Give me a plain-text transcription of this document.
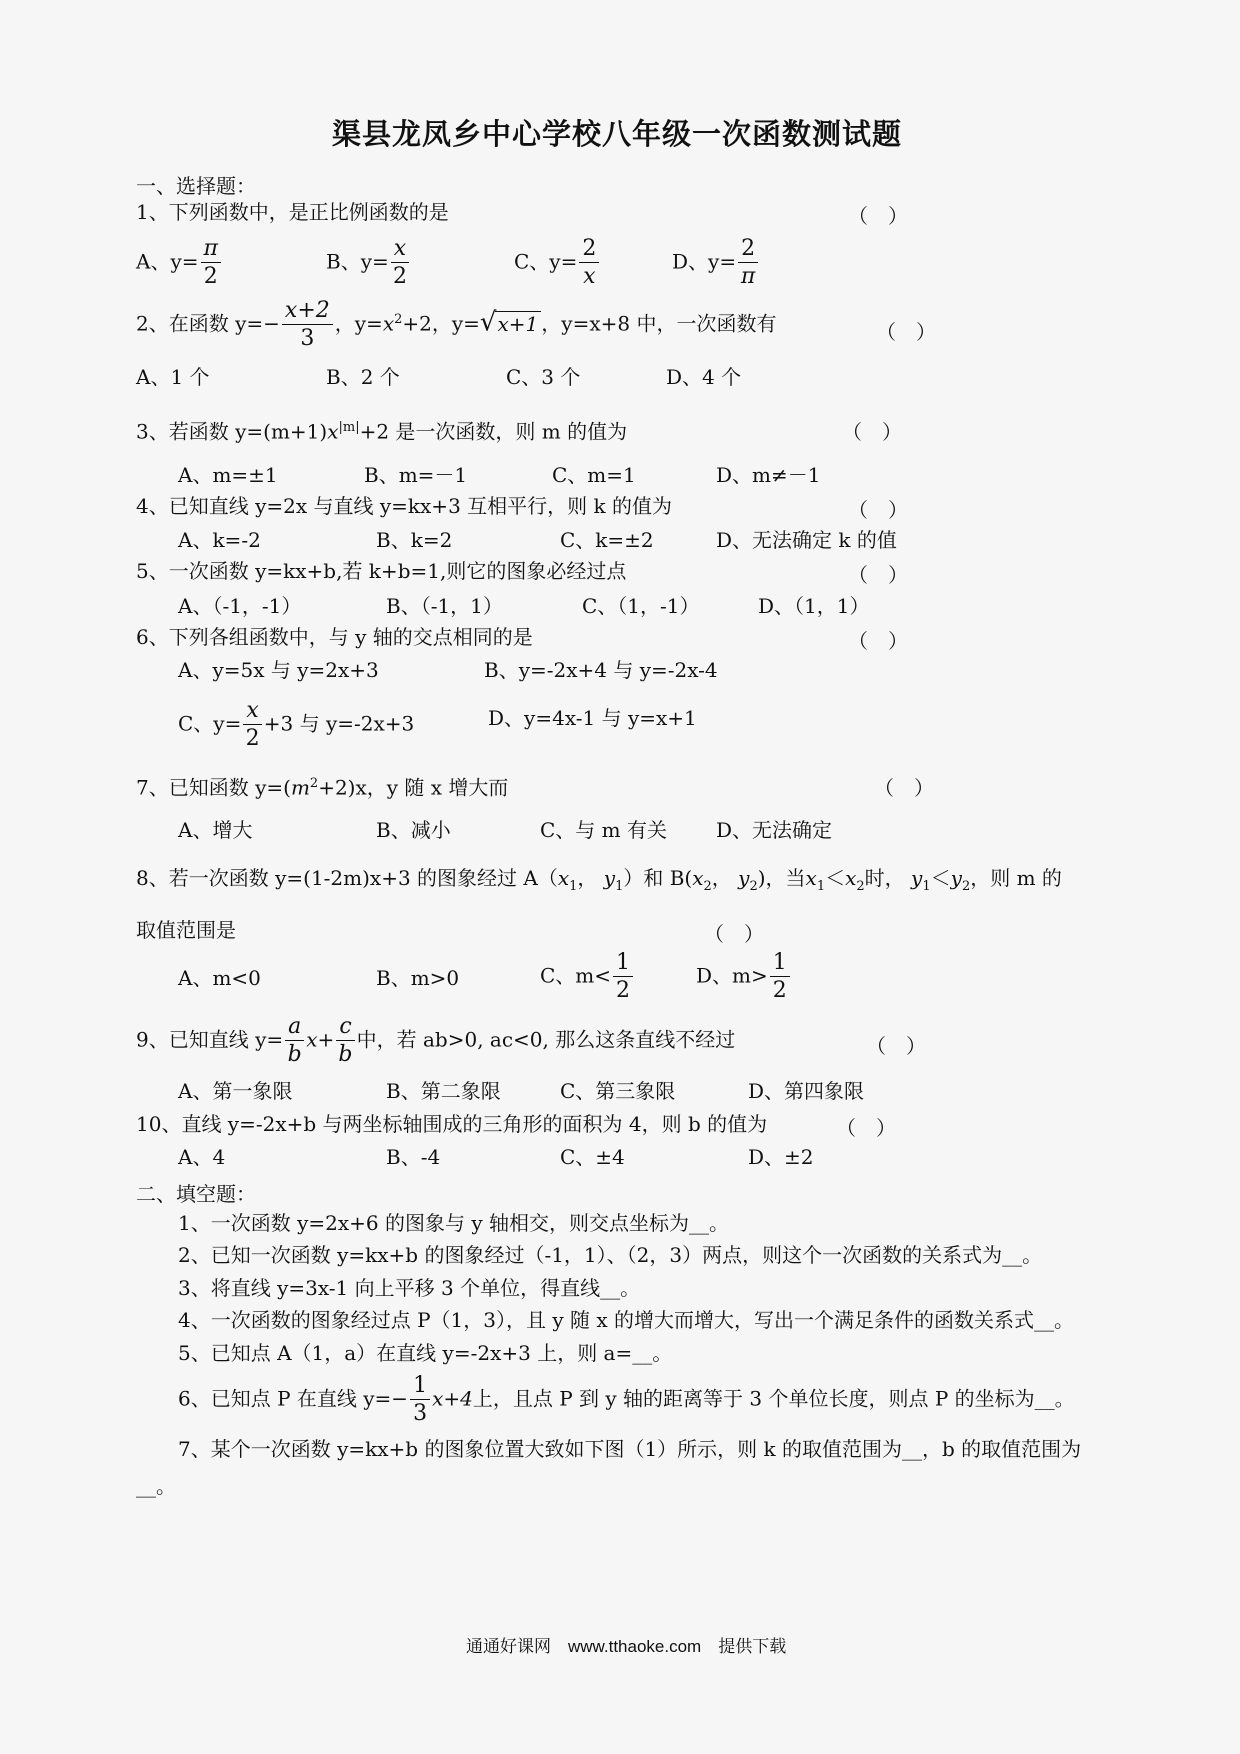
渠县龙凤乡中心学校八年级一次函数测试题
一、选择题：
1、下列函数中，是正比例函数的是	（　）
A、$y= \frac{\pi}{2}$	B、$y= \frac{x}{2}$	C、$y= \frac{2}{x}$	D、$y= \frac{2}{\pi}$
2、在函数 $y=- \frac{x+2}{3}$ ，$y=x^2+2$，y=√x+1 ，y=x+8 中，一次函数有	（　）
A、1 个	B、2 个	C、3 个	D、4 个
3、若函数 $y=(m+1)x^{|m|}+2$ 是一次函数，则 m 的值为	（　）
A、m=±1	B、m=－1	C、m=1	D、m≠－1
4、已知直线 y=2x 与直线 y=kx+3 互相平行，则 k 的值为	（　）
A、k=-2	B、k=2	C、k=±2	D、无法确定 k 的值
5、一次函数 y=kx+b,若 k+b=1,则它的图象必经过点	（　）
A、（-1，-1）	B、（-1，1）	C、（1，-1）	D、（1，1）
6、下列各组函数中，与 y 轴的交点相同的是	（　）
A、y=5x 与 y=2x+3	B、y=-2x+4 与 y=-2x-4
C、$y= \frac{x}{2} +3$ 与 y=-2x+3	D、y=4x-1 与 y=x+1
7、已知函数 $y=(m^2+2)x$，y 随 x 增大而	（　）
A、增大	B、减小	C、与 m 有关 D、无法确定
8、若一次函数 y=(1-2m)x+3 的图象经过 $A(x_1$， $y_1$）和 $B(x_2$， $y_2$)，当$x_1<x_2$时， $y_1<y_2$，则 m 的
取值范围是	（　）
A、m<0	B、m>0	C、$m< \frac{1}{2}$	D、$m> \frac{1}{2}$
9、已知直线 $y= \frac{a}{b} x+ \frac{c}{b}$ 中，若 ab>0, ac<0, 那么这条直线不经过	（　）
A、第一象限	B、第二象限	C、第三象限	D、第四象限
10、直线 y=-2x+b 与两坐标轴围成的三角形的面积为 4，则 b 的值为	（　）
A、4	B、-4	C、±4	D、±2
二、填空题：
1、一次函数 y=2x+6 的图象与 y 轴相交，则交点坐标为__。
2、已知一次函数 y=kx+b 的图象经过（-1，1）、（2，3）两点，则这个一次函数的关系式为__。
3、将直线 y=3x-1 向上平移 3 个单位，得直线__。
4、一次函数的图象经过点 P（1，3），且 y 随 x 的增大而增大，写出一个满足条件的函数关系式__。
5、已知点 A（1，a）在直线 y=-2x+3 上，则 a=__。
6、已知点 P 在直线 $y=- \frac{1}{3} x+4$上，且点 P 到 y 轴的距离等于 3 个单位长度，则点 P 的坐标为__。
7、某个一次函数 y=kx+b 的图象位置大致如下图（1）所示，则 k 的取值范围为__，b 的取值范围为
__。
通通好课网　www.tthaoke.com　提供下载
